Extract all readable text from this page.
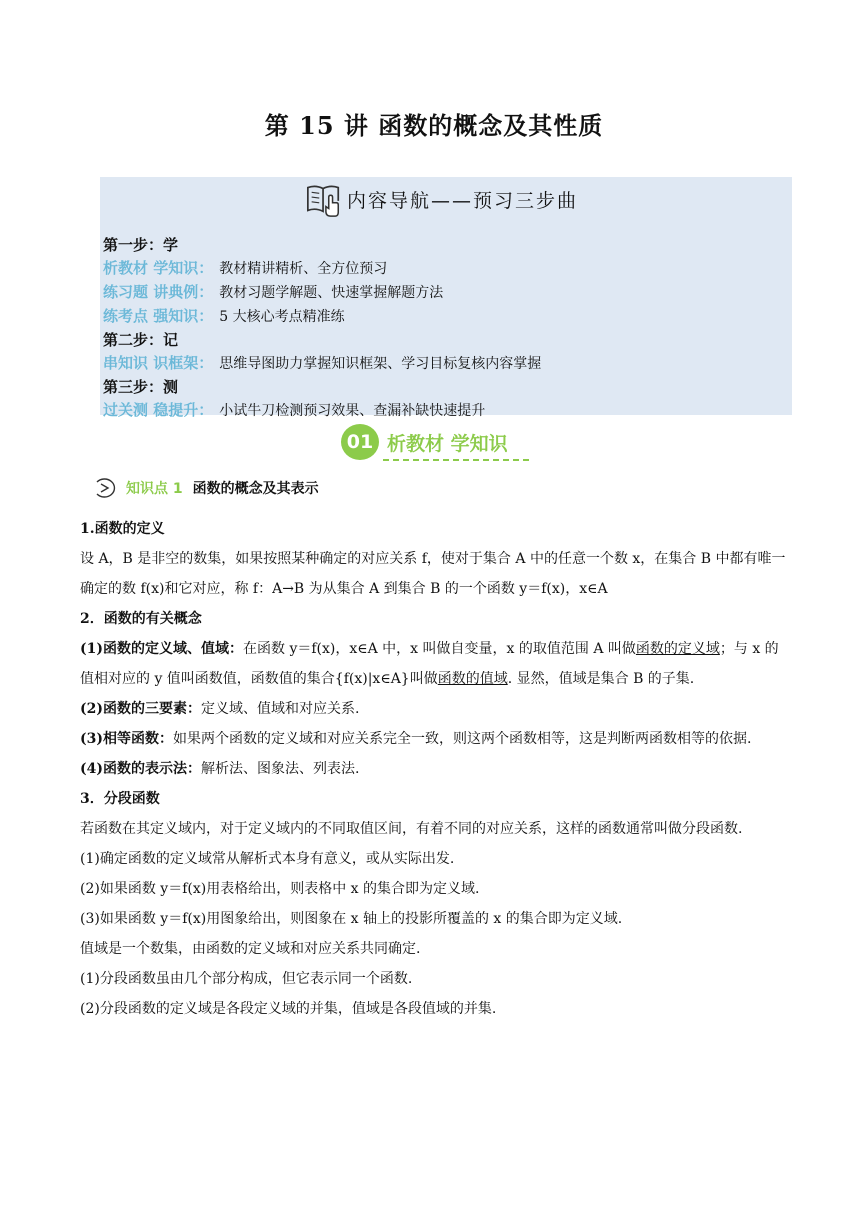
第 15 讲 函数的概念及其性质
内容导航——预习三步曲
第一步：学
析教材 学知识： 教材精讲精析、全方位预习
练习题 讲典例： 教材习题学解题、快速掌握解题方法
练考点 强知识： 5 大核心考点精准练
第二步：记
串知识 识框架： 思维导图助力掌握知识框架、学习目标复核内容掌握
第三步：测
过关测 稳提升： 小试牛刀检测预习效果、查漏补缺快速提升
01 析教材 学知识
知识点 1 函数的概念及其表示

1.函数的定义

设 A，B 是非空的数集，如果按照某种确定的对应关系 f，使对于集合 A 中的任意一个数 x，在集合 B 中都有唯一确定的数 f(x)和它对应，称 f：A→B 为从集合 A 到集合 B 的一个函数 y＝f(x)，x∈A

2．函数的有关概念

(1)函数的定义域、值域：在函数 y＝f(x)，x∈A 中，x 叫做自变量，x 的取值范围 A 叫做函数的定义域；与 x 的值相对应的 y 值叫函数值，函数值的集合{f(x)|x∈A}叫做函数的值域. 显然，值域是集合 B 的子集.

(2)函数的三要素：定义域、值域和对应关系.

(3)相等函数：如果两个函数的定义域和对应关系完全一致，则这两个函数相等，这是判断两函数相等的依据.

(4)函数的表示法：解析法、图象法、列表法.

3．分段函数

若函数在其定义域内，对于定义域内的不同取值区间，有着不同的对应关系，这样的函数通常叫做分段函数.

(1)确定函数的定义域常从解析式本身有意义，或从实际出发.

(2)如果函数 y＝f(x)用表格给出，则表格中 x 的集合即为定义域.

(3)如果函数 y＝f(x)用图象给出，则图象在 x 轴上的投影所覆盖的 x 的集合即为定义域.

值域是一个数集，由函数的定义域和对应关系共同确定.

(1)分段函数虽由几个部分构成，但它表示同一个函数.

(2)分段函数的定义域是各段定义域的并集，值域是各段值域的并集.
